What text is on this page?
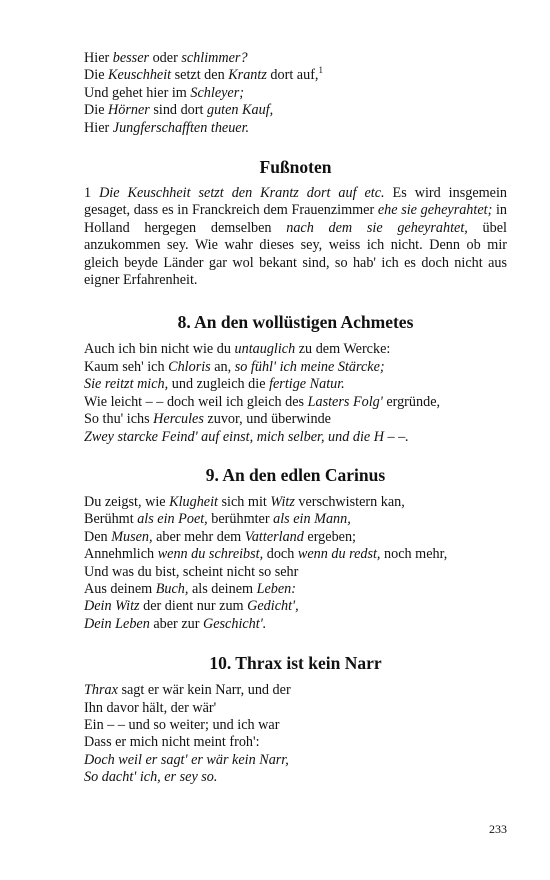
Hier besser oder schlimmer?
Die Keuschheit setzt den Krantz dort auf,$^1$
Und gehet hier im Schleyer;
Die Hörner sind dort guten Kauf,
Hier Jungferschafften theuer.
Fußnoten
1 Die Keuschheit setzt den Krantz dort auf etc. Es wird insgemein gesaget, dass es in Franckreich dem Frauenzimmer ehe sie geheyrahtet; in Holland hergegen demselben nach dem sie geheyrahtet, übel anzukommen sey. Wie wahr dieses sey, weiss ich nicht. Denn ob mir gleich beyde Länder gar wol bekant sind, so hab' ich es doch nicht aus eigner Erfahrenheit.
8. An den wollüstigen Achmetes
Auch ich bin nicht wie du untauglich zu dem Wercke:
Kaum seh' ich Chloris an, so fühl' ich meine Stärcke;
Sie reitzt mich, und zugleich die fertige Natur.
Wie leicht – – doch weil ich gleich des Lasters Folg' ergründe,
So thu' ichs Hercules zuvor, und überwinde
Zwey starcke Feind' auf einst, mich selber, und die H – –.
9. An den edlen Carinus
Du zeigst, wie Klugheit sich mit Witz verschwistern kan,
Berühmt als ein Poet, berühmter als ein Mann,
Den Musen, aber mehr dem Vatterland ergeben;
Annehmlich wenn du schreibst, doch wenn du redst, noch mehr,
Und was du bist, scheint nicht so sehr
Aus deinem Buch, als deinem Leben:
Dein Witz der dient nur zum Gedicht',
Dein Leben aber zur Geschicht'.
10. Thrax ist kein Narr
Thrax sagt er wär kein Narr, und der
Ihn davor hält, der wär'
Ein – – und so weiter; und ich war
Dass er mich nicht meint froh':
Doch weil er sagt' er wär kein Narr,
So dacht' ich, er sey so.
233
